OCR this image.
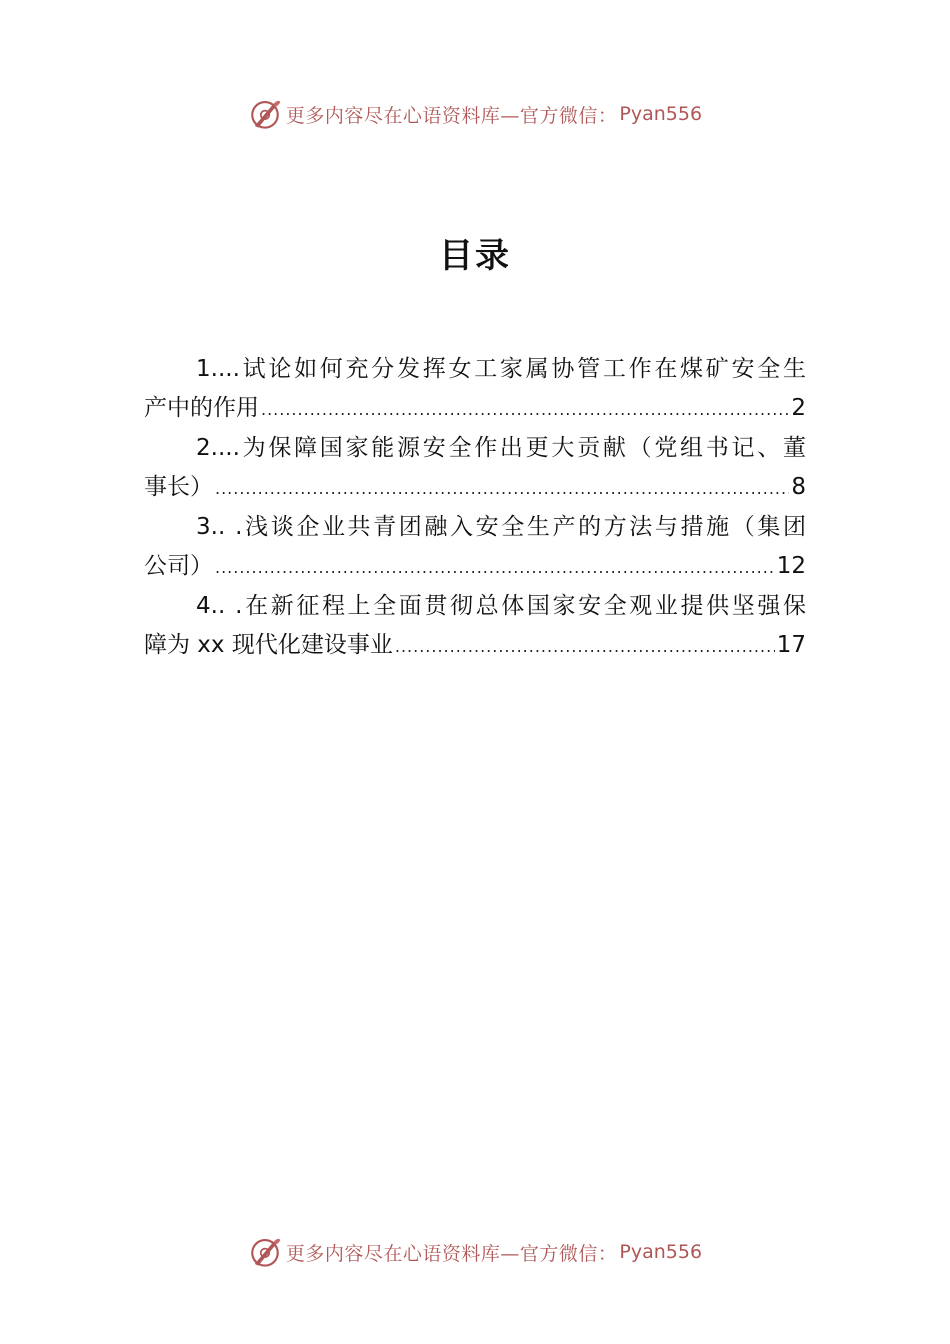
更多内容尽在心语资料库—官方微信： Pyan556
目录
1....试论如何充分发挥女工家属协管工作在煤矿安全生
产中的作用 .....	2
2....为保障国家能源安全作出更大贡献（党组书记、董
事长） .....	8
3.. .浅谈企业共青团融入安全生产的方法与措施（集团
公司） .....	12
4.. .在新征程上全面贯彻总体国家安全观业提供坚强保
障为 xx 现代化建设事业 .....	17
更多内容尽在心语资料库—官方微信： Pyan556
